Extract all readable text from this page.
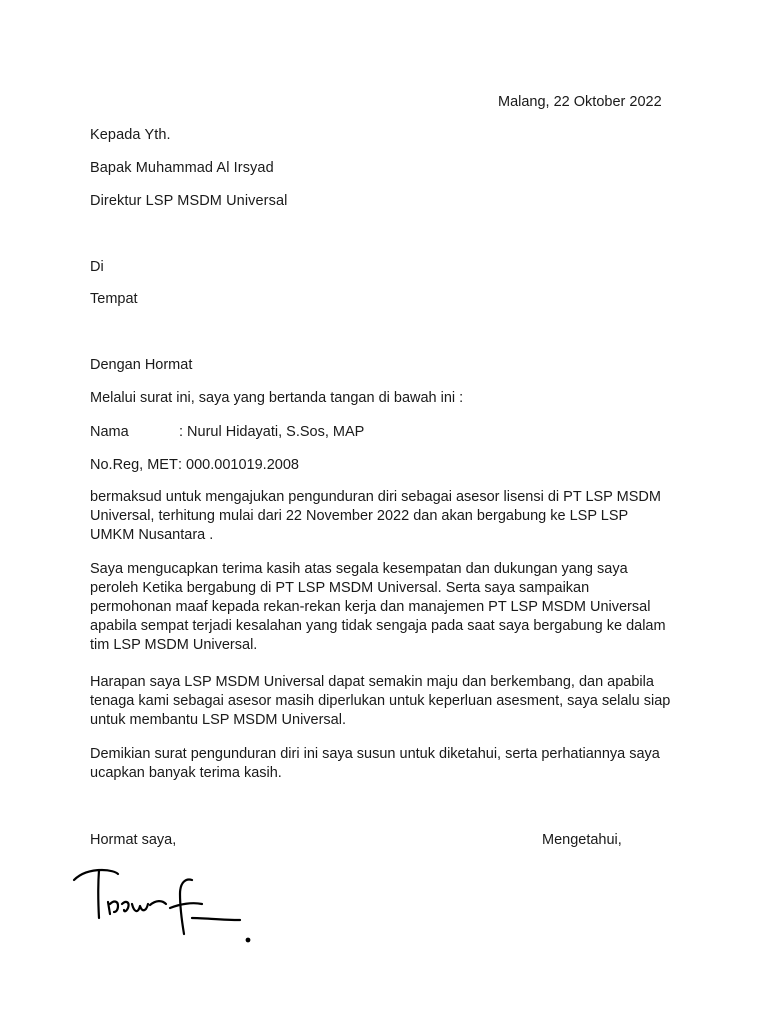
Malang, 22 Oktober 2022
Kepada Yth.
Bapak Muhammad Al Irsyad
Direktur LSP MSDM Universal
Di
Tempat
Dengan Hormat
Melalui surat ini, saya yang bertanda tangan di bawah ini :
Nama	: Nurul Hidayati, S.Sos, MAP
No.Reg, MET : 000.001019.2008
bermaksud untuk mengajukan pengunduran diri sebagai asesor lisensi di PT LSP MSDM
Universal, terhitung mulai dari 22 November 2022 dan akan bergabung ke LSP LSP
UMKM Nusantara .
Saya mengucapkan terima kasih atas segala kesempatan dan dukungan yang saya
peroleh Ketika bergabung di PT LSP MSDM Universal. Serta saya sampaikan
permohonan maaf kepada rekan-rekan kerja dan manajemen PT LSP MSDM Universal
apabila sempat terjadi kesalahan yang tidak sengaja pada saat saya bergabung ke dalam
tim LSP MSDM Universal.
Harapan saya LSP MSDM Universal dapat semakin maju dan berkembang, dan apabila
tenaga kami sebagai asesor masih diperlukan untuk keperluan asesment, saya selalu siap
untuk membantu LSP MSDM Universal.
Demikian surat pengunduran diri ini saya susun untuk diketahui, serta perhatiannya saya
ucapkan banyak terima kasih.
Hormat saya,	Mengetahui,
